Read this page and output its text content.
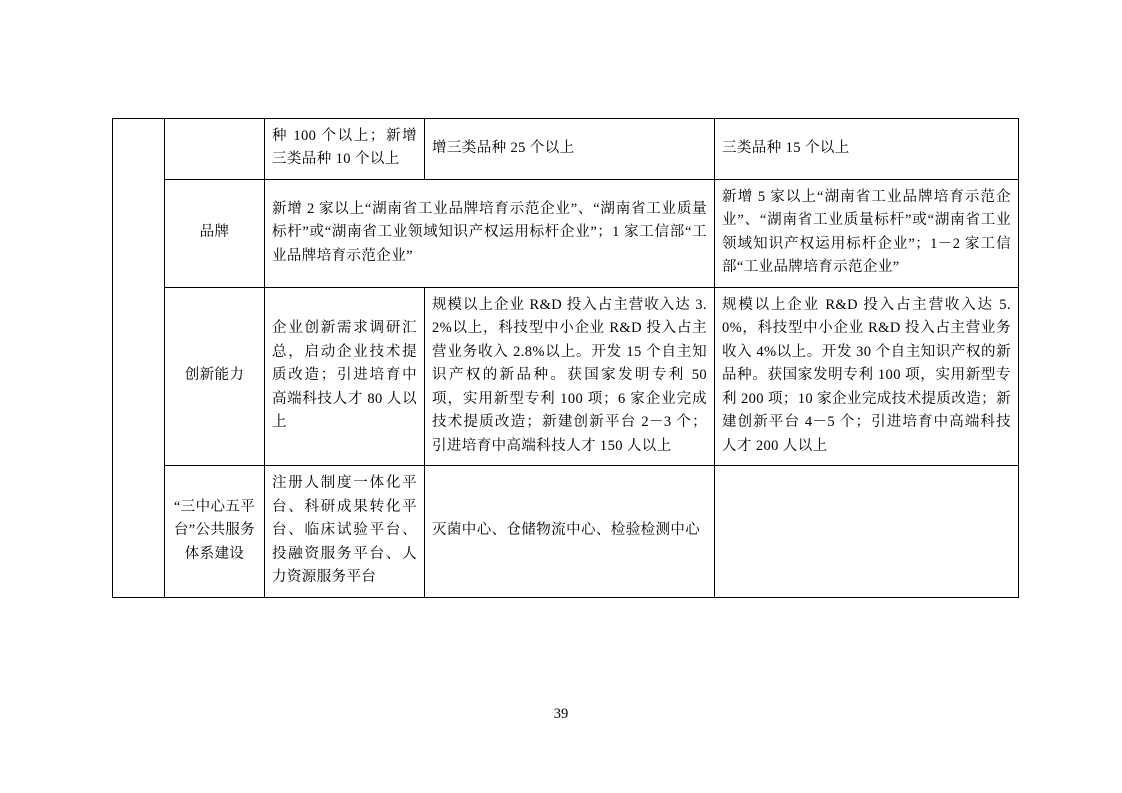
		种 100 个以上；新增三类品种 10 个以上	增三类品种 25 个以上	三类品种 15 个以上
	品牌	新增 2 家以上“湖南省工业品牌培育示范企业”、“湖南省工业质量标杆”或“湖南省工业领域知识产权运用标杆企业”；1 家工信部“工业品牌培育示范企业”		新增 5 家以上“湖南省工业品牌培育示范企业”、“湖南省工业质量标杆”或“湖南省工业领域知识产权运用标杆企业”；1－2 家工信部“工业品牌培育示范企业”
	创新能力	企业创新需求调研汇总，启动企业技术提质改造；引进培育中高端科技人才 80 人以上	规模以上企业 R&D 投入占主营收入达 3.2%以上，科技型中小企业 R&D 投入占主营业务收入 2.8%以上。开发 15 个自主知识产权的新品种。获国家发明专利 50 项，实用新型专利 100 项；6 家企业完成技术提质改造；新建创新平台 2－3 个；引进培育中高端科技人才 150 人以上	规模以上企业 R&D 投入占主营收入达 5.0%，科技型中小企业 R&D 投入占主营业务收入 4%以上。开发 30 个自主知识产权的新品种。获国家发明专利 100 项，实用新型专利 200 项；10 家企业完成技术提质改造；新建创新平台 4－5 个；引进培育中高端科技人才 200 人以上
	“三中心五平台”公共服务体系建设	注册人制度一体化平台、科研成果转化平台、临床试验平台、投融资服务平台、人力资源服务平台	灭菌中心、仓储物流中心、检验检测中心	
39
